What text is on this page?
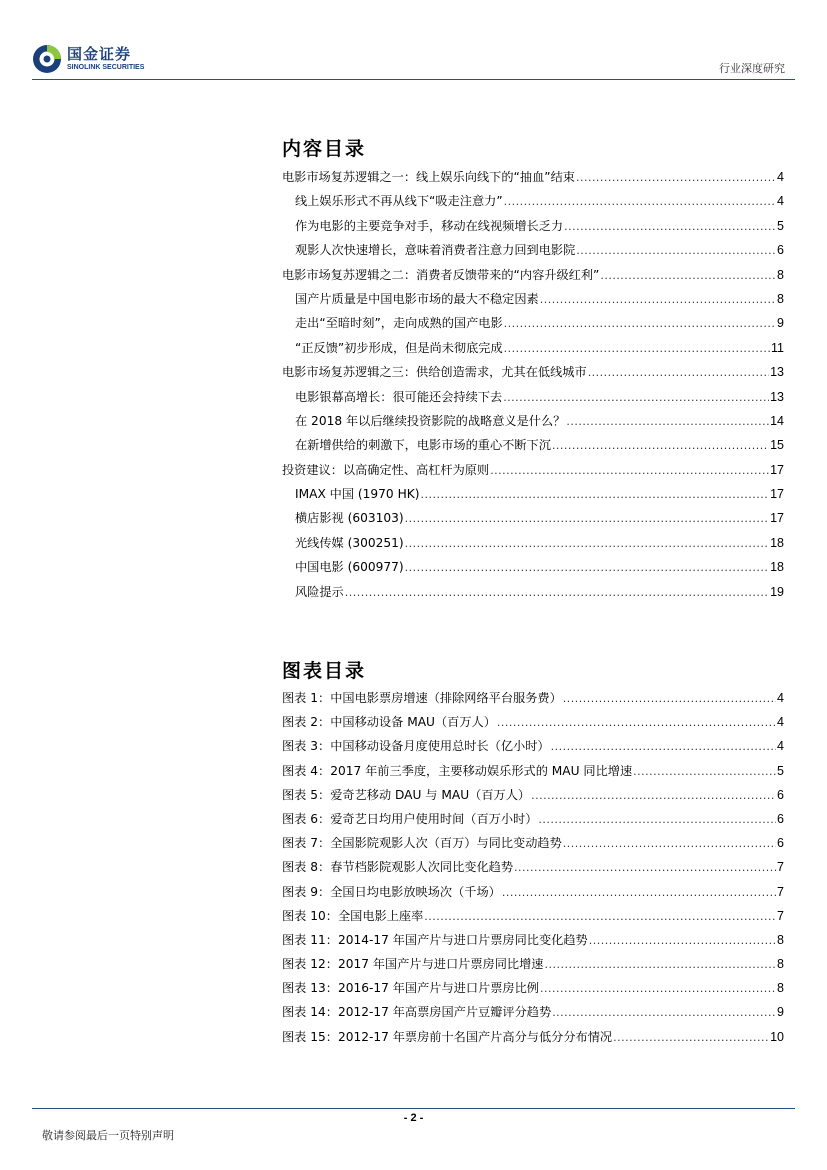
国金证券
SINOLINK SECURITIES	行业深度研究
内容目录
电影市场复苏逻辑之一：线上娱乐向线下的“抽血”结束 .....	4
线上娱乐形式不再从线下“吸走注意力” .....	4
作为电影的主要竞争对手，移动在线视频增长乏力 .....	5
观影人次快速增长，意味着消费者注意力回到电影院 .....	6
电影市场复苏逻辑之二：消费者反馈带来的“内容升级红利” .....	8
国产片质量是中国电影市场的最大不稳定因素 .....	8
走出“至暗时刻”，走向成熟的国产电影 .....	9
“正反馈”初步形成，但是尚未彻底完成 .....	11
电影市场复苏逻辑之三：供给创造需求，尤其在低线城市 .....	13
电影银幕高增长：很可能还会持续下去 .....	13
在 2018 年以后继续投资影院的战略意义是什么？ .....	14
在新增供给的刺激下，电影市场的重心不断下沉 .....	15
投资建议：以高确定性、高杠杆为原则 .....	17
IMAX 中国 (1970 HK) .....	17
横店影视 (603103) .....	17
光线传媒 (300251) .....	18
中国电影 (600977) .....	18
风险提示 .....	19
图表目录
图表 1：中国电影票房增速（排除网络平台服务费） .....	4
图表 2：中国移动设备 MAU（百万人） .....	4
图表 3：中国移动设备月度使用总时长（亿小时） .....	4
图表 4：2017 年前三季度，主要移动娱乐形式的 MAU 同比增速 .....	5
图表 5：爱奇艺移动 DAU 与 MAU（百万人） .....	6
图表 6：爱奇艺日均用户使用时间（百万小时） .....	6
图表 7：全国影院观影人次（百万）与同比变动趋势 .....	6
图表 8：春节档影院观影人次同比变化趋势 .....	7
图表 9：全国日均电影放映场次（千场） .....	7
图表 10：全国电影上座率 .....	7
图表 11：2014-17 年国产片与进口片票房同比变化趋势 .....	8
图表 12：2017 年国产片与进口片票房同比增速 .....	8
图表 13：2016-17 年国产片与进口片票房比例 .....	8
图表 14：2012-17 年高票房国产片豆瓣评分趋势 .....	9
图表 15：2012-17 年票房前十名国产片高分与低分分布情况 .....	10
- 2 -
敬请参阅最后一页特别声明
